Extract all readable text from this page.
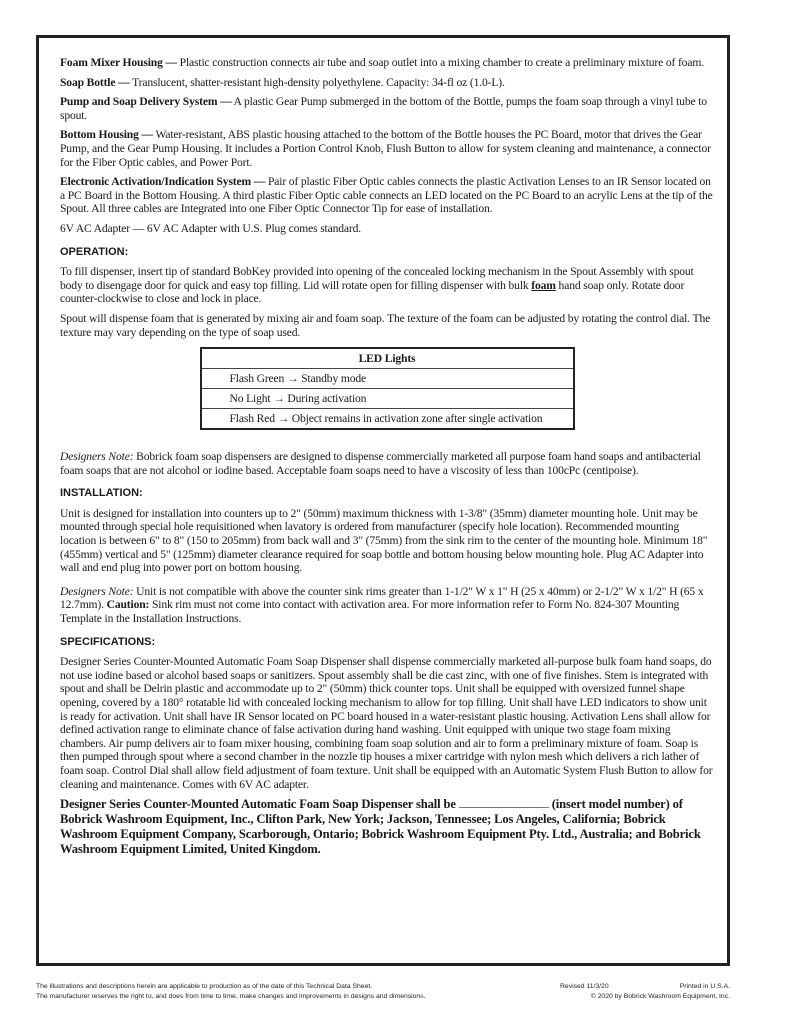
Foam Mixer Housing — Plastic construction connects air tube and soap outlet into a mixing chamber to create a preliminary mixture of foam.

Soap Bottle — Translucent, shatter-resistant high-density polyethylene. Capacity: 34-fl oz (1.0-L).

Pump and Soap Delivery System — A plastic Gear Pump submerged in the bottom of the Bottle, pumps the foam soap through a vinyl tube to spout.

Bottom Housing — Water-resistant, ABS plastic housing attached to the bottom of the Bottle houses the PC Board, motor that drives the Gear Pump, and the Gear Pump Housing. It includes a Portion Control Knob, Flush Button to allow for system cleaning and maintenance, a connector for the Fiber Optic cables, and Power Port.

Electronic Activation/Indication System — Pair of plastic Fiber Optic cables connects the plastic Activation Lenses to an IR Sensor located on a PC Board in the Bottom Housing. A third plastic Fiber Optic cable connects an LED located on the PC Board to an acrylic Lens at the tip of the Spout. All three cables are Integrated into one Fiber Optic Connector Tip for ease of installation.

6V AC Adapter — 6V AC Adapter with U.S. Plug comes standard.

OPERATION:

To fill dispenser, insert tip of standard BobKey provided into opening of the concealed locking mechanism in the Spout Assembly with spout body to disengage door for quick and easy top filling. Lid will rotate open for filling dispenser with bulk foam hand soap only. Rotate door counter-clockwise to close and lock in place.

Spout will dispense foam that is generated by mixing air and foam soap. The texture of the foam can be adjusted by rotating the control dial. The texture may vary depending on the type of soap used.

LED Lights
Flash Green → Standby mode
No Light → During activation
Flash Red → Object remains in activation zone after single activation

Designers Note: Bobrick foam soap dispensers are designed to dispense commercially marketed all purpose foam hand soaps and antibacterial foam soaps that are not alcohol or iodine based. Acceptable foam soaps need to have a viscosity of less than 100cPc (centipoise).

INSTALLATION:

Unit is designed for installation into counters up to 2" (50mm) maximum thickness with 1-3/8" (35mm) diameter mounting hole. Unit may be mounted through special hole requisitioned when lavatory is ordered from manufacturer (specify hole location). Recommended mounting location is between 6" to 8" (150 to 205mm) from back wall and 3" (75mm) from the sink rim to the center of the mounting hole. Minimum 18" (455mm) vertical and 5" (125mm) diameter clearance required for soap bottle and bottom housing below mounting hole. Plug AC Adapter into wall and end plug into power port on bottom housing.

Designers Note: Unit is not compatible with above the counter sink rims greater than 1-1/2" W x 1" H (25 x 40mm) or 2-1/2" W x 1/2" H (65 x 12.7mm). Caution: Sink rim must not come into contact with activation area. For more information refer to Form No. 824-307 Mounting Template in the Installation Instructions.

SPECIFICATIONS:

Designer Series Counter-Mounted Automatic Foam Soap Dispenser shall dispense commercially marketed all-purpose bulk foam hand soaps, do not use iodine based or alcohol based soaps or sanitizers. Spout assembly shall be die cast zinc, with one of five finishes. Stem is integrated with spout and shall be Delrin plastic and accommodate up to 2" (50mm) thick counter tops. Unit shall be equipped with oversized funnel shape opening, covered by a 180° rotatable lid with concealed locking mechanism to allow for top filling. Unit shall have LED indicators to show unit is ready for activation. Unit shall have IR Sensor located on PC board housed in a water-resistant plastic housing. Activation Lens shall allow for defined activation range to eliminate chance of false activation during hand washing. Unit equipped with unique two stage foam mixing chambers. Air pump delivers air to foam mixer housing, combining foam soap solution and air to form a preliminary mixture of foam. Soap is then pumped through spout where a second chamber in the nozzle tip houses a mixer cartridge with nylon mesh which delivers a rich lather of foam soap. Control Dial shall allow field adjustment of foam texture. Unit shall be equipped with an Automatic System Flush Button to allow for cleaning and maintenance. Comes with 6V AC adapter.

Designer Series Counter-Mounted Automatic Foam Soap Dispenser shall be	(insert model number) of Bobrick Washroom Equipment, Inc., Clifton Park, New York; Jackson, Tennessee; Los Angeles, California; Bobrick Washroom Equipment Company, Scarborough, Ontario; Bobrick Washroom Equipment Pty. Ltd., Australia; and Bobrick Washroom Equipment Limited, United Kingdom.

The illustrations and descriptions herein are applicable to production as of the date of this Technical Data Sheet.
The manufacturer reserves the right to, and does from time to time, make changes and improvements in designs and dimensions.
Revised 11/3/20	Printed in U.S.A.
© 2020 by Bobrick Washroom Equipment, Inc.
